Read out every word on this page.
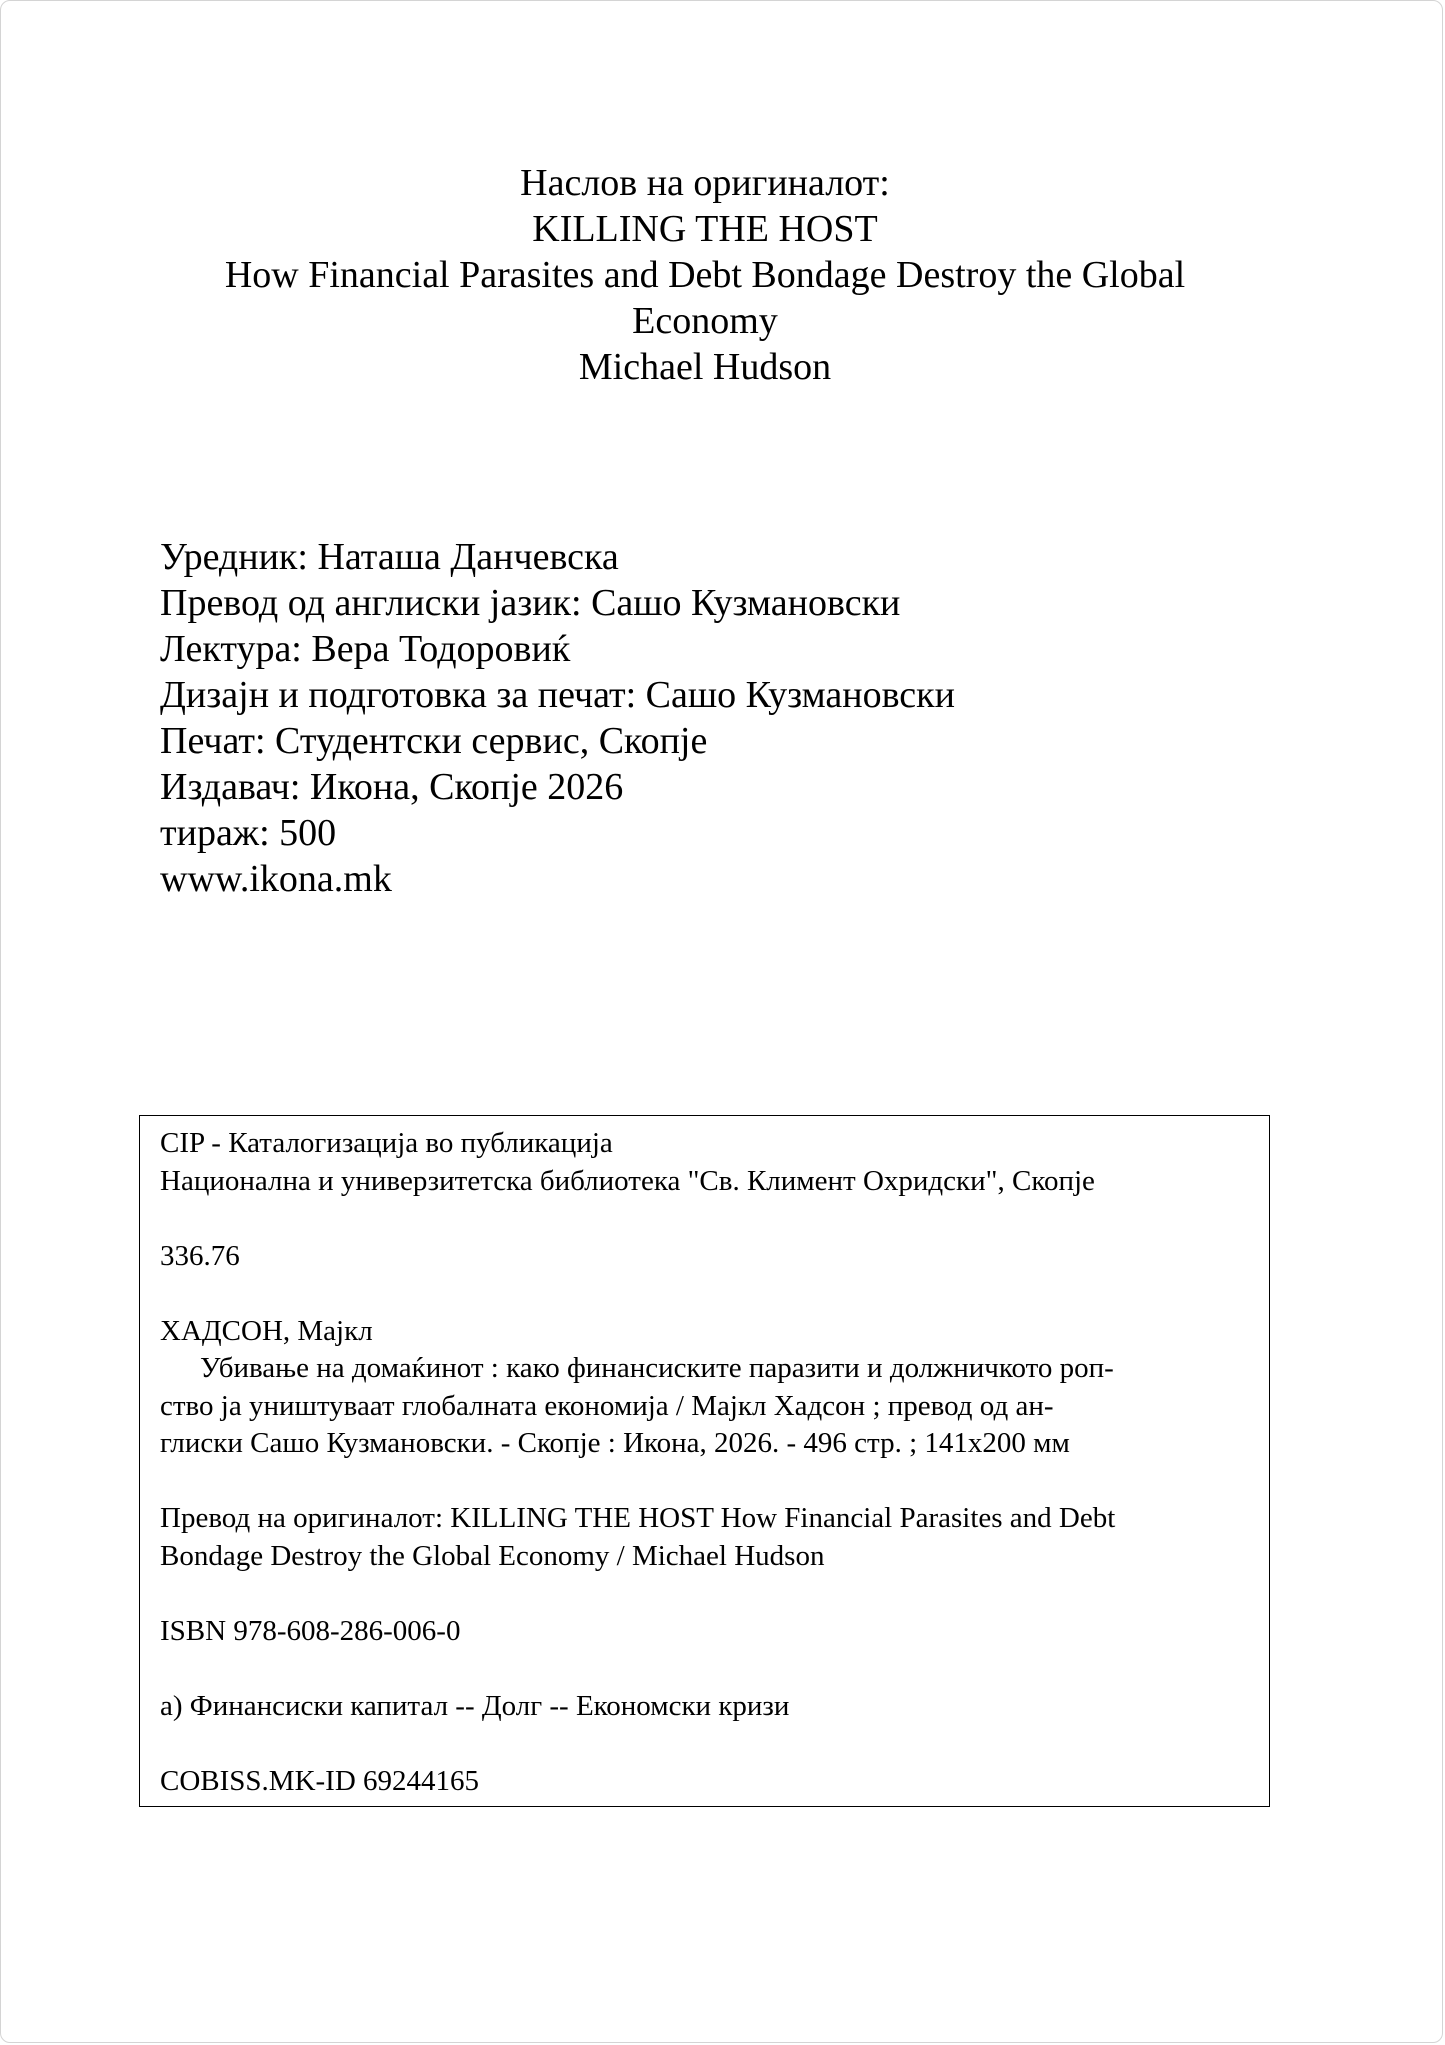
Наслов на оригиналот:
KILLING THE HOST
How Financial Parasites and Debt Bondage Destroy the Global
Economy
Michael Hudson
Уредник: Наташа Данчевска
Превод од англиски јазик: Сашо Кузмановски
Лектура: Вера Тодоровиќ
Дизајн и подготовка за печат: Сашо Кузмановски
Печат: Студентски сервис, Скопје
Издавач: Икона, Скопје 2026
тираж: 500
www.ikona.mk
CIP - Каталогизација во публикација
Национална и универзитетска библиотека "Св. Климент Охридски", Скопје
336.76
ХАДСОН, Мајкл
Убивање на домаќинот : како финансиските паразити и должничкото роп-
ство ја уништуваат глобалната економија / Мајкл Хадсон ; превод од ан-
глиски Сашо Кузмановски. - Скопје : Икона, 2026. - 496 стр. ; 141x200 мм
Превод на оригиналот: KILLING THE HOST How Financial Parasites and Debt
Bondage Destroy the Global Economy / Michael Hudson
ISBN 978-608-286-006-0
а) Финансиски капитал -- Долг -- Економски кризи
COBISS.MK-ID 69244165
